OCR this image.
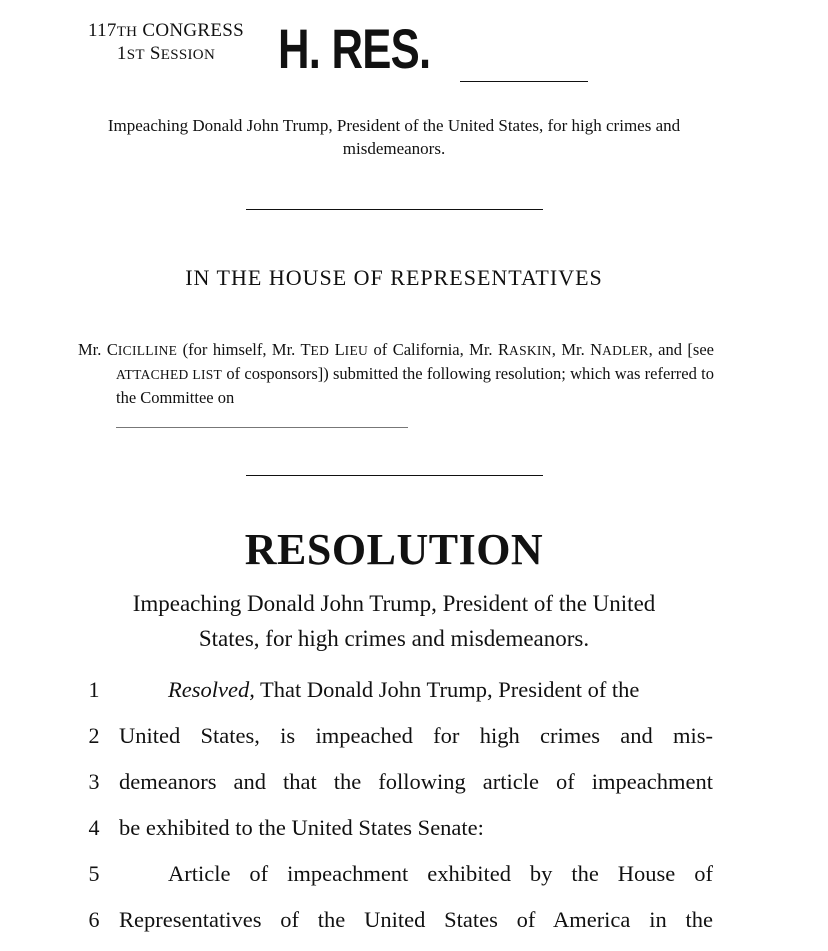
117TH CONGRESS
1ST SESSION	H. RES.
Impeaching Donald John Trump, President of the United States, for high crimes and misdemeanors.
IN THE HOUSE OF REPRESENTATIVES
Mr. CICILLINE (for himself, Mr. TED LIEU of California, Mr. RASKIN, Mr. NADLER, and [see ATTACHED LIST of cosponsors]) submitted the following resolution; which was referred to the Committee on
RESOLUTION
Impeaching Donald John Trump, President of the United
States, for high crimes and misdemeanors.
1	Resolved, That Donald John Trump, President of the
2 United States, is impeached for high crimes and mis-
3 demeanors and that the following article of impeachment
4 be exhibited to the United States Senate:
5	Article of impeachment exhibited by the House of
6 Representatives of the United States of America in the
